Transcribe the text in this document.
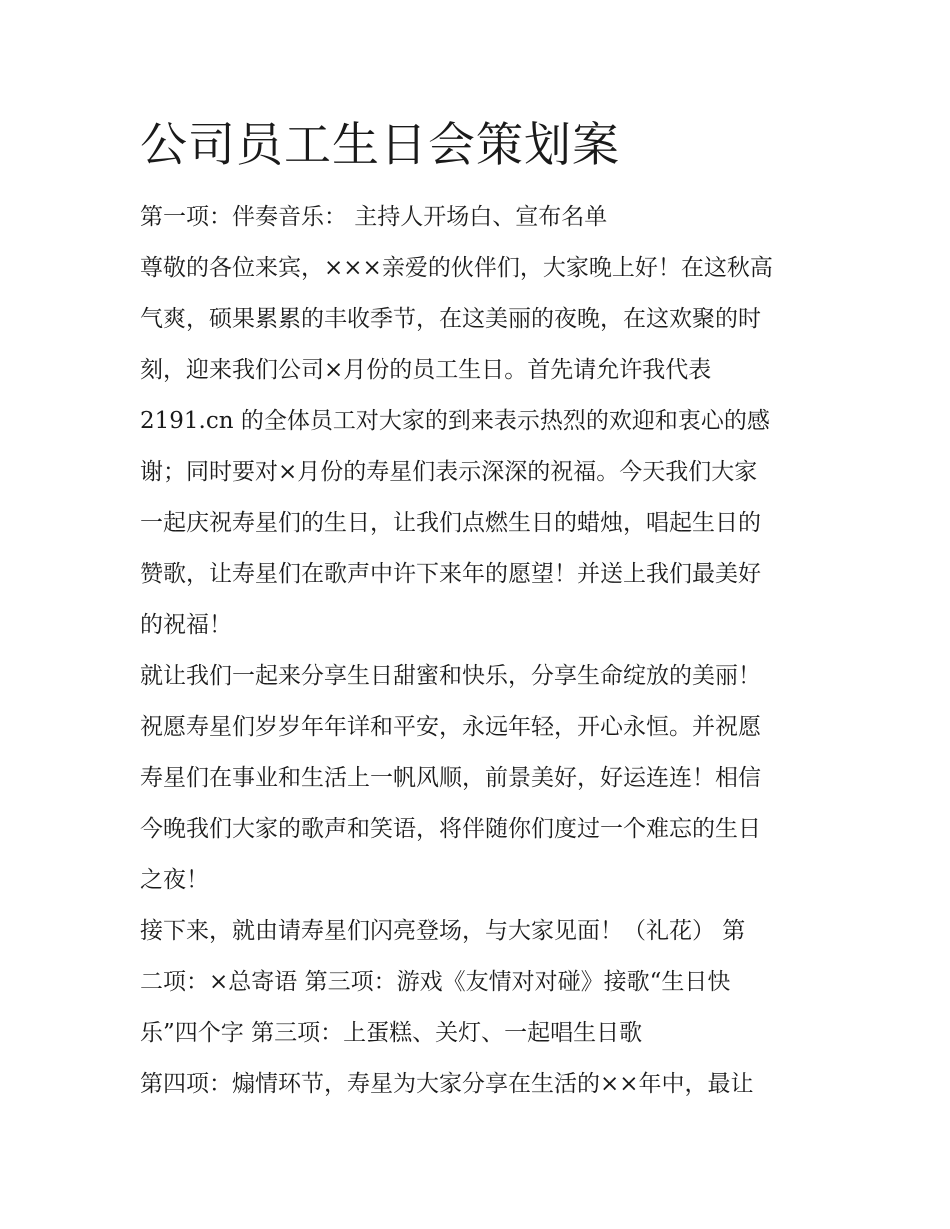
公司员工生日会策划案

第一项：伴奏音乐： 主持人开场白、宣布名单

尊敬的各位来宾，×××亲爱的伙伴们，大家晚上好！在这秋高

气爽，硕果累累的丰收季节，在这美丽的夜晚，在这欢聚的时

刻，迎来我们公司×月份的员工生日。首先请允许我代表

2191.cn 的全体员工对大家的到来表示热烈的欢迎和衷心的感

谢；同时要对×月份的寿星们表示深深的祝福。今天我们大家

一起庆祝寿星们的生日，让我们点燃生日的蜡烛，唱起生日的

赞歌，让寿星们在歌声中许下来年的愿望！并送上我们最美好

的祝福！

就让我们一起来分享生日甜蜜和快乐，分享生命绽放的美丽！

祝愿寿星们岁岁年年详和平安，永远年轻，开心永恒。并祝愿

寿星们在事业和生活上一帆风顺，前景美好，好运连连！相信

今晚我们大家的歌声和笑语，将伴随你们度过一个难忘的生日

之夜！

接下来，就由请寿星们闪亮登场，与大家见面！（礼花） 第

二项：×总寄语 第三项：游戏《友情对对碰》接歌“生日快

乐”四个字 第三项：上蛋糕、关灯、一起唱生日歌

第四项：煽情环节，寿星为大家分享在生活的××年中，最让
